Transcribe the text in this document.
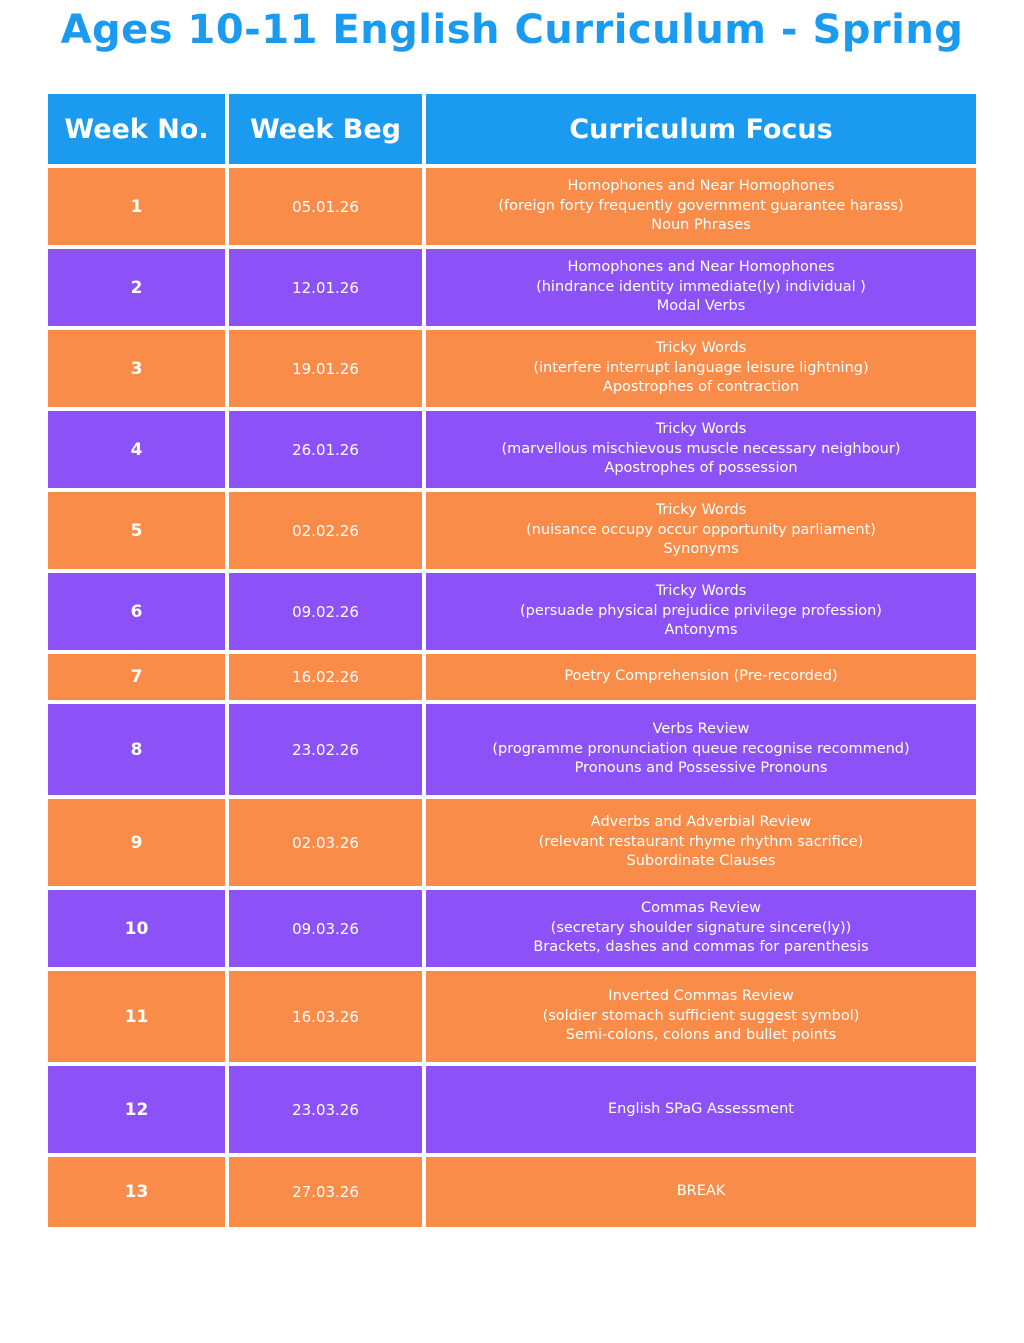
Ages 10-11 English Curriculum - Spring
Week No.	Week Beg	Curriculum Focus
1	05.01.26
Homophones and Near Homophones
(foreign forty frequently government guarantee harass)
Noun Phrases
2	12.01.26
Homophones and Near Homophones
(hindrance identity immediate(ly) individual )
Modal Verbs
3	19.01.26
Tricky Words
(interfere interrupt language leisure lightning)
Apostrophes of contraction
4	26.01.26
Tricky Words
(marvellous mischievous muscle necessary neighbour)
Apostrophes of possession
5	02.02.26
Tricky Words
(nuisance occupy occur opportunity parliament)
Synonyms
6	09.02.26
Tricky Words
(persuade physical prejudice privilege profession)
Antonyms
7	16.02.26	Poetry Comprehension (Pre-recorded)
8	23.02.26
Verbs Review
(programme pronunciation queue recognise recommend)
Pronouns and Possessive Pronouns
9	02.03.26
Adverbs and Adverbial Review
(relevant restaurant rhyme rhythm sacrifice)
Subordinate Clauses
10	09.03.26
Commas Review
(secretary shoulder signature sincere(ly))
Brackets, dashes and commas for parenthesis
11	16.03.26
Inverted Commas Review
(soldier stomach sufficient suggest symbol)
Semi-colons, colons and bullet points
12	23.03.26	English SPaG Assessment
13	27.03.26	BREAK
